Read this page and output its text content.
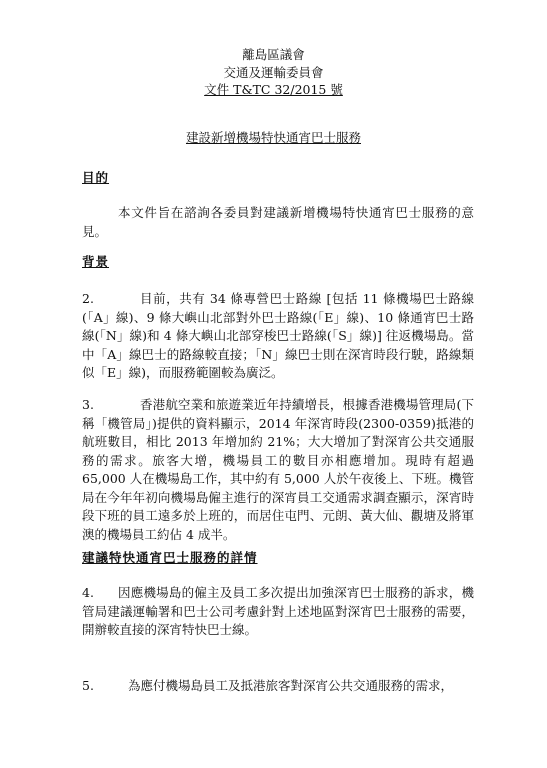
離島區議會
交通及運輸委員會
文件 T&TC 32/2015 號
建設新增機場特快通宵巴士服務
目的
本文件旨在諮詢各委員對建議新增機場特快通宵巴士服務的意見。
背景
2.	目前，共有 34 條專營巴士路線 [包括 11 條機場巴士路線(「A」線)、9 條大嶼山北部對外巴士路線(「E」線)、10 條通宵巴士路線(「N」線)和 4 條大嶼山北部穿梭巴士路線(「S」線)] 往返機場島。當中「A」線巴士的路線較直接；「N」線巴士則在深宵時段行駛，路線類似「E」線)，而服務範圍較為廣泛。
3.	香港航空業和旅遊業近年持續增長，根據香港機場管理局(下稱「機管局」)提供的資料顯示，2014 年深宵時段(2300-0359)抵港的航班數目，相比 2013 年增加約 21%；大大增加了對深宵公共交通服務的需求。旅客大增，機場員工的數目亦相應增加。現時有超過 65,000 人在機場島工作，其中約有 5,000 人於午夜後上、下班。機管局在今年年初向機場島僱主進行的深宵員工交通需求調查顯示，深宵時段下班的員工遠多於上班的，而居住屯門、元朗、黃大仙、觀塘及將軍澳的機場員工約佔 4 成半。
建議特快通宵巴士服務的詳情
4.	因應機場島的僱主及員工多次提出加強深宵巴士服務的訴求，機管局建議運輸署和巴士公司考慮針對上述地區對深宵巴士服務的需要，開辦較直接的深宵特快巴士線。
5.	為應付機場島員工及抵港旅客對深宵公共交通服務的需求，
